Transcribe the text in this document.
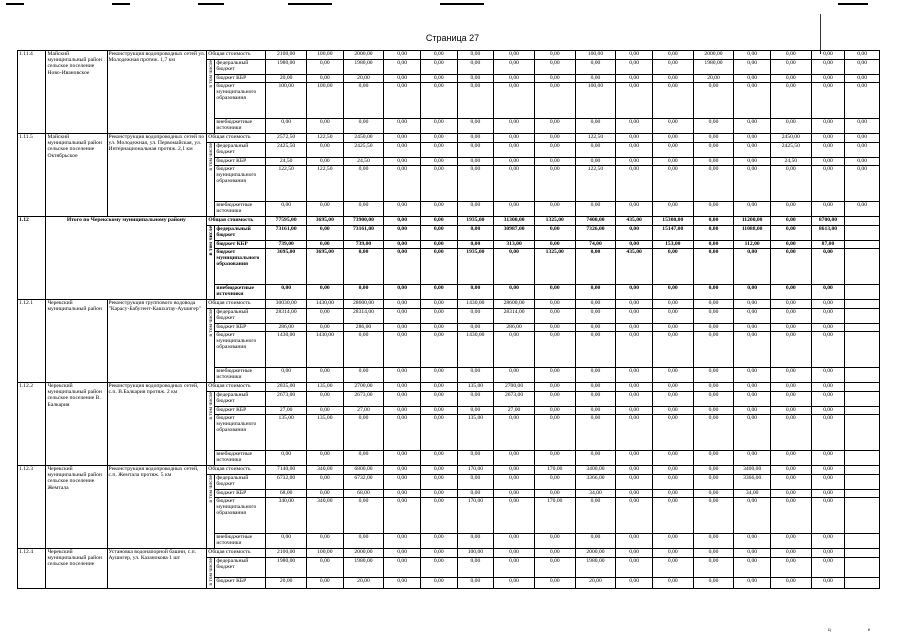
Страница 27
1.11.4	Майский муниципальный район сельское поселение Ново-Ивановское	Реконструкция водопроводных сетей ул. Молодежная протяж. 1,7 км	Общая стоимость		2100,00	100,00	2000,00	0,00	0,00	0,00	0,00	0,00	100,00	0,00	0,00	2000,00	0,00	0,00	0,00	0,00
			в том числе	федеральный бюджет	1980,00	0,00	1980,00	0,00	0,00	0,00	0,00	0,00	0,00	0,00	0,00	1980,00	0,00	0,00	0,00	0,00
				бюджет КБР	20,00	0,00	20,00	0,00	0,00	0,00	0,00	0,00	0,00	0,00	0,00	20,00	0,00	0,00	0,00	0,00
				бюджет муниципального образования	100,00	100,00	0,00	0,00	0,00	0,00	0,00	0,00	100,00	0,00	0,00	0,00	0,00	0,00	0,00	0,00
				внебюджетные источники	0,00	0,00	0,00	0,00	0,00	0,00	0,00	0,00	0,00	0,00	0,00	0,00	0,00	0,00	0,00	0,00
1.11.5	Майский муниципальный район сельское поселение Октябрьское	Реконструкция водопроводных сетей по ул. Молодежная, ул. Первомайская, ул. Интернациональная протяж. 2,1 км	Общая стоимость		2572,50	122,50	2450,00	0,00	0,00	0,00	0,00	0,00	122,50	0,00	0,00	0,00	0,00	2450,00	0,00	0,00
			в том числе	федеральный бюджет	2425,50	0,00	2425,50	0,00	0,00	0,00	0,00	0,00	0,00	0,00	0,00	0,00	0,00	2425,50	0,00	0,00
				бюджет КБР	24,50	0,00	24,50	0,00	0,00	0,00	0,00	0,00	0,00	0,00	0,00	0,00	0,00	24,50	0,00	0,00
				бюджет муниципального образования	122,50	122,50	0,00	0,00	0,00	0,00	0,00	0,00	122,50	0,00	0,00	0,00	0,00	0,00	0,00	0,00
				внебюджетные источники	0,00	0,00	0,00	0,00	0,00	0,00	0,00	0,00	0,00	0,00	0,00	0,00	0,00	0,00	0,00	0,00
1.12	Итого по Черекскому муниципальному району		Общая стоимость		77595,00	3695,00	73900,00	0,00	0,00	1935,00	31300,00	1325,00	7400,00	435,00	15300,00	0,00	11200,00	0,00	8700,00	
			в том числе	федеральный бюджет	73161,00	0,00	73161,00	0,00	0,00	0,00	30987,00	0,00	7326,00	0,00	15147,00	0,00	11088,00	0,00	8613,00	
				бюджет КБР	739,00	0,00	739,00	0,00	0,00	0,00	313,00	0,00	74,00	0,00	153,00	0,00	112,00	0,00	87,00	
				бюджет муниципального образования	3695,00	3695,00	0,00	0,00	0,00	1935,00	0,00	1325,00	0,00	435,00	0,00	0,00	0,00	0,00	0,00	
				внебюджетные источники	0,00	0,00	0,00	0,00	0,00	0,00	0,00	0,00	0,00	0,00	0,00	0,00	0,00	0,00	0,00	
1.12.1	Черекский муниципальный район	Реконструкция группового водовода "Карасу-Бабугент-Кашхатау-Аушигер"	Общая стоимость		30030,00	1430,00	28600,00	0,00	0,00	1430,00	28600,00	0,00	0,00	0,00	0,00	0,00	0,00	0,00	0,00	
			в том числе	федеральный бюджет	28314,00	0,00	28314,00	0,00	0,00	0,00	28314,00	0,00	0,00	0,00	0,00	0,00	0,00	0,00	0,00	
				бюджет КБР	286,00	0,00	286,00	0,00	0,00	0,00	286,00	0,00	0,00	0,00	0,00	0,00	0,00	0,00	0,00	
				бюджет муниципального образования	1430,00	1430,00	0,00	0,00	0,00	1430,00	0,00	0,00	0,00	0,00	0,00	0,00	0,00	0,00	0,00	
				внебюджетные источники	0,00	0,00	0,00	0,00	0,00	0,00	0,00	0,00	0,00	0,00	0,00	0,00	0,00	0,00	0,00	
1.12.2	Черекский муниципальный район сельское поселение В. Балкария	Реконструкция водопроводных сетей, с.п. В.Балкария протяж. 2 км	Общая стоимость		2835,00	135,00	2700,00	0,00	0,00	135,00	2700,00	0,00	0,00	0,00	0,00	0,00	0,00	0,00	0,00	
			в том числе	федеральный бюджет	2673,00	0,00	2673,00	0,00	0,00	0,00	2673,00	0,00	0,00	0,00	0,00	0,00	0,00	0,00	0,00	
				бюджет КБР	27,00	0,00	27,00	0,00	0,00	0,00	27,00	0,00	0,00	0,00	0,00	0,00	0,00	0,00	0,00	
				бюджет муниципального образования	135,00	135,00	0,00	0,00	0,00	135,00	0,00	0,00	0,00	0,00	0,00	0,00	0,00	0,00	0,00	
				внебюджетные источники	0,00	0,00	0,00	0,00	0,00	0,00	0,00	0,00	0,00	0,00	0,00	0,00	0,00	0,00	0,00	
1.12.3	Черекский муниципальный район сельское поселение Жемтала	Реконструкция водопроводных сетей, с.п. Жемтала протяж. 5 км	Общая стоимость		7140,00	340,00	6800,00	0,00	0,00	170,00	0,00	170,00	3400,00	0,00	0,00	0,00	3400,00	0,00	0,00	
			в том числе	федеральный бюджет	6732,00	0,00	6732,00	0,00	0,00	0,00	0,00	0,00	3366,00	0,00	0,00	0,00	3366,00	0,00	0,00	
				бюджет КБР	68,00	0,00	68,00	0,00	0,00	0,00	0,00	0,00	34,00	0,00	0,00	0,00	34,00	0,00	0,00	
				бюджет муниципального образования	340,00	340,00	0,00	0,00	0,00	170,00	0,00	170,00	0,00	0,00	0,00	0,00	0,00	0,00	0,00	
				внебюджетные источники	0,00	0,00	0,00	0,00	0,00	0,00	0,00	0,00	0,00	0,00	0,00	0,00	0,00	0,00	0,00	
1.12.4	Черекский муниципальный район сельское поселение	Установка водонапорной башни, с.п. Аушигер, ул. Казанокова 1 шт	Общая стоимость		2100,00	100,00	2000,00	0,00	0,00	100,00	0,00	0,00	2000,00	0,00	0,00	0,00	0,00	0,00	0,00	
			в том числе	федеральный бюджет	1980,00	0,00	1980,00	0,00	0,00	0,00	0,00	0,00	1980,00	0,00	0,00	0,00	0,00	0,00	0,00	
				бюджет КБР	20,00	0,00	20,00	0,00	0,00	0,00	0,00	0,00	20,00	0,00	0,00	0,00	0,00	0,00	0,00	
ц	е
